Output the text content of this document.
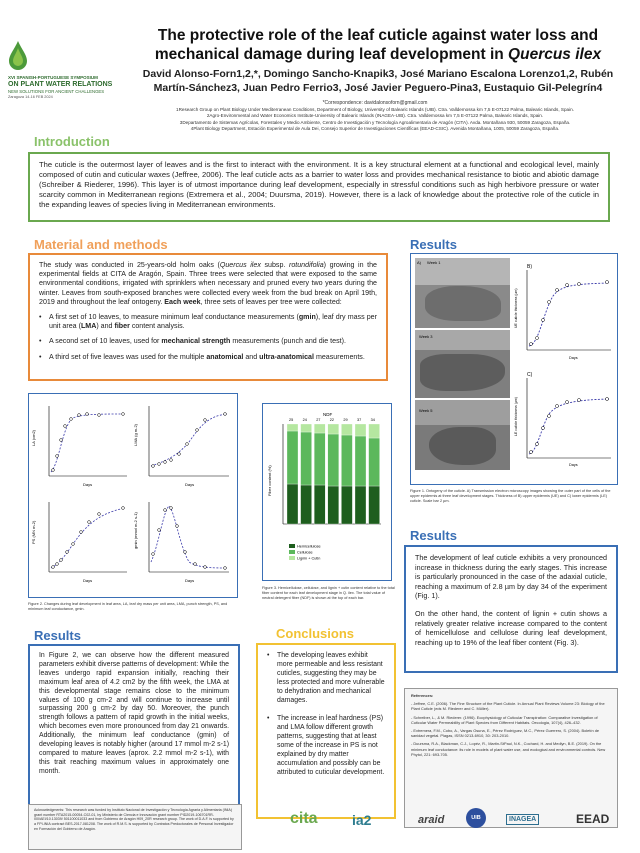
XVI SPANISH-PORTUGUESE SYMPOSIUM
ON PLANT WATER RELATIONS
NEW SOLUTIONS FOR ANCIENT CHALLENGES
Zaragoza 14-16 FEB 2024
The protective role of the leaf cuticle against water loss and mechanical damage during leaf development in Quercus ilex
David Alonso-Forn1,2,*, Domingo Sancho-Knapik3, José Mariano Escalona Lorenzo1,2, Rubén Martín-Sánchez3, Juan Pedro Ferrio3, José Javier Peguero-Pina3, Eustaquio Gil-Pelegrín4
*Correspondence: davidalonsoforn@gmail.com
1Research Group on Plant Biology Under Mediterranean Conditions, Department of Biology, University of Balearic Islands (UIB). Ctra. Valldemossa km 7,5 E-07122 Palma, Balearic Islands, Spain.
2Agro-Environmental and Water Economics Institute-University of Balearic Islands (INAGEA-UIB). Ctra. Valldemossa km 7,5 E-07122 Palma, Balearic Islands, Spain.
3Departamento de Sistemas Agrícolas, Forestales y Medio Ambiente, Centro de Investigación y Tecnología Agroalimentaria de Aragón (CITA). Avda. Montañana 930, 50059 Zaragoza, España.
4Plant Biology Department, Estación Experimental de Aula Dei, Consejo Superior de Investigaciones Científicas (EEAD-CSIC). Avenida Montañana, 1005, 50059 Zaragoza, España.
Introduction
The cuticle is the outermost layer of leaves and is the first to interact with the environment. It is a key structural element at a functional and ecological level, mainly composed of cutin and cuticular waxes (Jeffree, 2006). The leaf cuticle acts as a barrier to water loss and provides mechanical resistance to biotic and abiotic damage (Schreiber & Riederer, 1996). This layer is of utmost importance during leaf development, especially in stressful conditions such as high herbivore pressure or water scarcity common in Mediterranean regions (Extremera et al., 2004; Duursma, 2019). However, there is a lack of knowledge about the protective role of the cuticle in the expanding leaves of species living in Mediterranean environments.
Material and methods
The study was conducted in 25-years-old holm oaks (Quercus ilex subsp. rotundifolia) growing in the experimental fields at CITA de Aragón, Spain. Three trees were selected that were exposed to the same environmental conditions, irrigated with sprinklers when necessary and pruned every two years during the winter. Leaves from south-exposed branches were collected every week from the bud break on April 19th, 2019 and throughout the leaf ontogeny. Each week, three sets of leaves per tree were collected:
• A first set of 10 leaves, to measure minimum leaf conductance measurements (gmin), leaf dry mass per unit area (LMA) and fiber content analysis.
• A second set of 10 leaves, used for mechanical strength measurements (punch and die test).
• A third set of five leaves was used for the multiple anatomical and ultra-anatomical measurements.
Results
A) Week 1
Week 3
Week 5
B)
UE cuticle thickness (µm)
Days
C)
LE cuticle thickness (µm)
Days
Figure 1. Ontogeny of the cuticle. A) Transmission electron microscopy images showing the outer part of the cells of the upper epidermis at three leaf development stages. Thickness of B) upper epidermis (UE) and C) lower epidermis (LE) cuticle. Scale bar 2 µm.
LA (cm2)
Days
LMA (g m-2)
Days
PS (MN m-2)
Days
gmin (mmol m-2 s-1)
Days
Figure 2. Changes during leaf development in leaf area, LA, leaf dry mass per unit area, LMA, punch strength, PS, and minimum leaf conductance, gmin.
NDF
Fiber content (%)
25 24 27 22 29 37 34
Hemicellulose
Cellulose
Lignin + Cutin
Figure 3. Hemicellulose, cellulose, and lignin + cutin content relative to the total fiber content for each leaf development stage in Q. ilex. The total value of neutral detergent fiber (NDF) is shown at the top of each bar.
Results

The development of leaf cuticle exhibits a very pronounced increase in thickness during the early stages. This increase is particularly pronounced in the case of the adaxial cuticle, reaching a maximum of 2.8 µm by day 34 of the experiment (Fig. 1).

On the other hand, the content of lignin + cutin shows a relatively greater relative increase compared to the content of hemicellulose and cellulose during leaf development, reaching up to 19% of the leaf fiber content (Fig. 3).

Results
In Figure 2, we can observe how the different measured parameters exhibit diverse patterns of development: While the leaves undergo rapid expansion initially, reaching their maximum leaf area of 4.2 cm2 by the fifth week, the LMA at this developmental stage remains close to the minimum values of 100 g cm-2 and will continue to increase until surpassing 200 g cm-2 by day 50. Moreover, the punch strength follows a pattern of rapid growth in the initial weeks, which becomes even more pronounced from day 21 onwards. Additionally, the minimum leaf conductance (gmin) of developing leaves is notably higher (around 17 mmol m-2 s-1) compared to mature leaves (aprox. 2.2 mmol m-2 s-1), with this trait reaching maximum values in approximately one month.
Conclusions
• The developing leaves exhibit more permeable and less resistant cuticles, suggesting they may be less protected and more vulnerable to dehydration and mechanical damages.
• The increase in leaf hardness (PS) and LMA follow different growth patterns, suggesting that at least some of the increase in PS is not explained by dry matter accumulation and possibly can be attributed to cuticular development.
References:
- Jeffree, C.E. (2006). The Fine Structure of the Plant Cuticle. In Annual Plant Reviews Volume 23: Biology of the Plant Cuticle (eds M. Riederer and C. Müller).
- Schreiber, L., & M. Riederer. (1996). Ecophysiology of Cuticular Transpiration: Comparative Investigation of Cuticular Water Permeability of Plant Species from Different Habitats. Oecologia, 107(4), 426–432.
- Extremera, F.M., Cobo, A., Vargas Osuna, E., Pérez Rodríguez, M.C., Pérez Guerrero, S. (2004). Boletín de sanidad vegetal. Plagas, ISSN 0213-6910, 30: 203-2010.
- Duursma, R.A., Blackman, C.J., Lopéz, R., Martin-StPaul, N.K., Cochard, H. and Medlyn, B.E. (2019). On the minimum leaf conductance: its role in models of plant water use, and ecological and environmental controls. New Phytol, 221: 693-705.
Acknowledgments: This research was funded by Instituto Nacional de Investigación y Tecnología Agraria y Alimentaria (INIA) grant number RTA2015-00054-C02-01, by Ministerio de Ciencia e Innovación grant number PID2019-106701RR-I00/AEI/10.13039/ 501100011033 and from Gobierno de Aragón H09_20R research group. The work of D.A.F. is supported by a FPI-INIA contract BES-2017-081208. The work of R.M.S. is supported by Contratos Predoctorales de Personal Investigador en Formación del Gobierno de Aragón.
cita ia2	araid	UIB	INAGEA	EEAD
